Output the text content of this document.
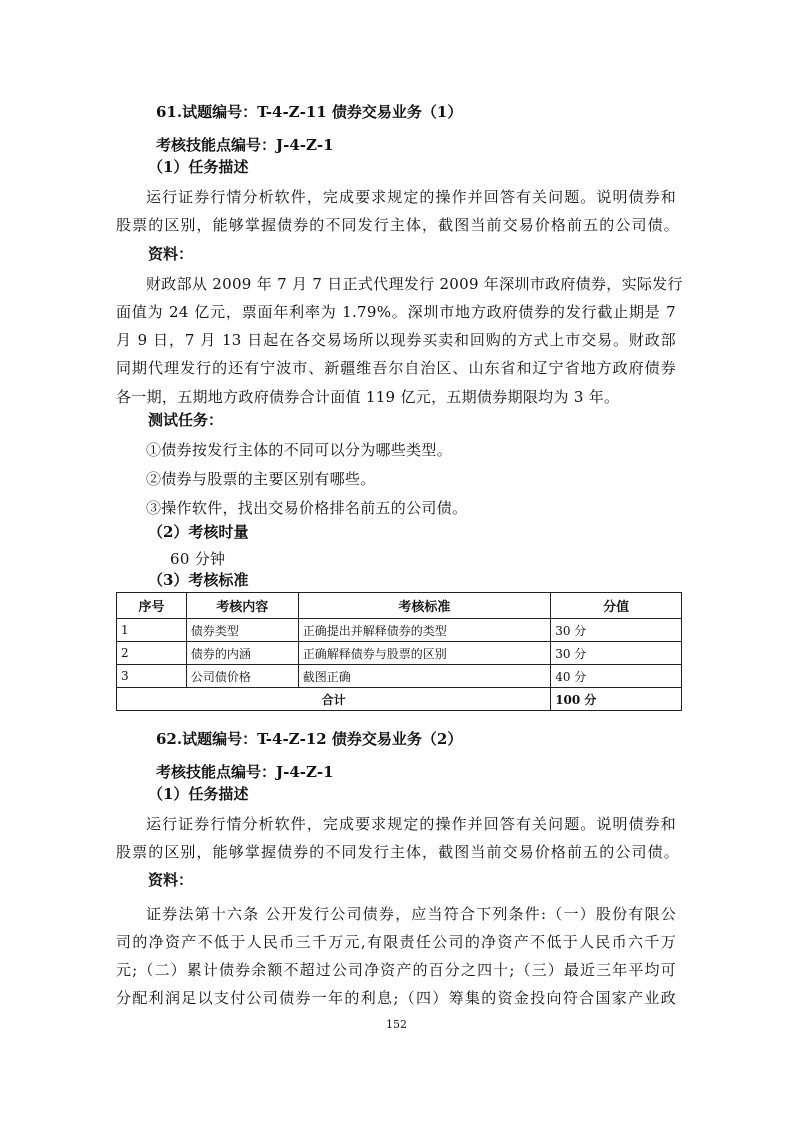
61.试题编号：T-4-Z-11 债券交易业务（1）
考核技能点编号：J-4-Z-1
（1）任务描述
运行证券行情分析软件，完成要求规定的操作并回答有关问题。说明债券和
股票的区别，能够掌握债券的不同发行主体，截图当前交易价格前五的公司债。
资料：
财政部从 2009 年 7 月 7 日正式代理发行 2009 年深圳市政府债券，实际发行
面值为 24 亿元，票面年利率为 1.79%。深圳市地方政府债券的发行截止期是 7
月 9 日，7 月 13 日起在各交易场所以现券买卖和回购的方式上市交易。财政部
同期代理发行的还有宁波市、新疆维吾尔自治区、山东省和辽宁省地方政府债券
各一期，五期地方政府债券合计面值 119 亿元，五期债券期限均为 3 年。
测试任务：
①债券按发行主体的不同可以分为哪些类型。
②债券与股票的主要区别有哪些。
③操作软件，找出交易价格排名前五的公司债。
（2）考核时量
60 分钟
（3）考核标准
序号	考核内容	考核标准	分值
1	债券类型	正确提出并解释债券的类型	30 分
2	债券的内涵	正确解释债券与股票的区别	30 分
3	公司债价格	截图正确	40 分
合计			100 分
62.试题编号：T-4-Z-12 债券交易业务（2）
考核技能点编号：J-4-Z-1
（1）任务描述
运行证券行情分析软件，完成要求规定的操作并回答有关问题。说明债券和
股票的区别，能够掌握债券的不同发行主体，截图当前交易价格前五的公司债。
资料：
证券法第十六条 公开发行公司债券，应当符合下列条件:（一）股份有限公
司的净资产不低于人民币三千万元,有限责任公司的净资产不低于人民币六千万
元;（二）累计债券余额不超过公司净资产的百分之四十;（三）最近三年平均可
分配利润足以支付公司债券一年的利息;（四）筹集的资金投向符合国家产业政
152
